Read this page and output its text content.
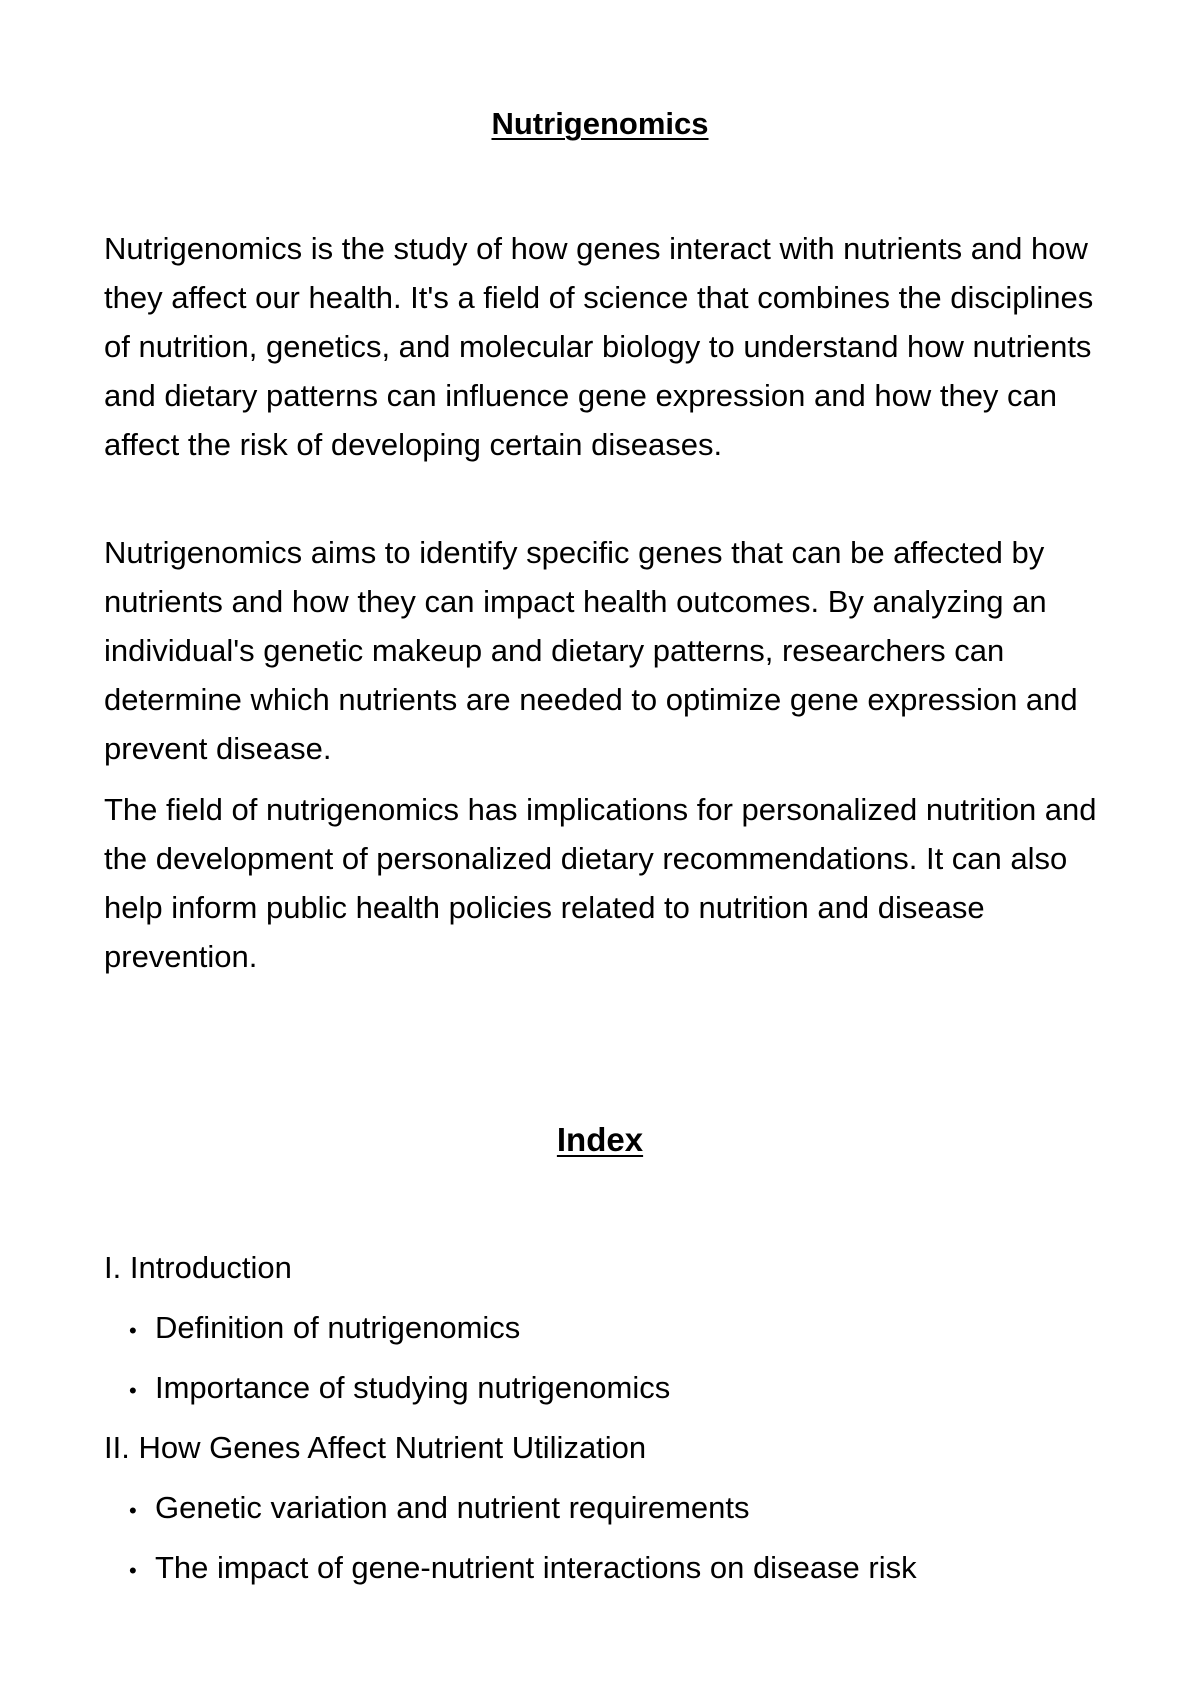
Nutrigenomics

Nutrigenomics is the study of how genes interact with nutrients and how they affect our health. It's a field of science that combines the disciplines of nutrition, genetics, and molecular biology to understand how nutrients and dietary patterns can influence gene expression and how they can affect the risk of developing certain diseases.

Nutrigenomics aims to identify specific genes that can be affected by nutrients and how they can impact health outcomes. By analyzing an individual's genetic makeup and dietary patterns, researchers can determine which nutrients are needed to optimize gene expression and prevent disease.

The field of nutrigenomics has implications for personalized nutrition and the development of personalized dietary recommendations. It can also help inform public health policies related to nutrition and disease prevention.

Index
I. Introduction
• Definition of nutrigenomics
• Importance of studying nutrigenomics
II. How Genes Affect Nutrient Utilization
• Genetic variation and nutrient requirements
• The impact of gene-nutrient interactions on disease risk
